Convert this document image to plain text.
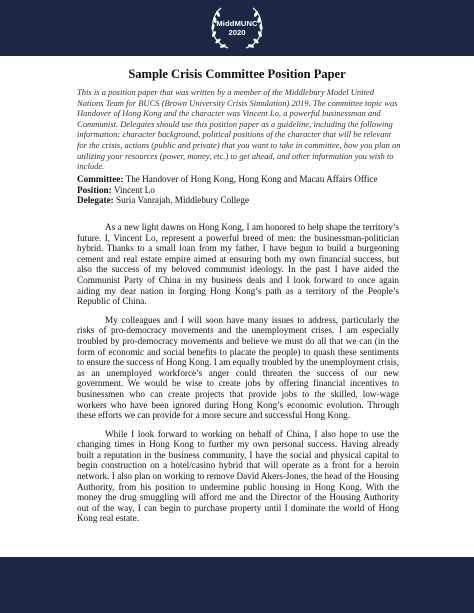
MiddMUNC
2020
Sample Crisis Committee Position Paper

This is a position paper that was written by a member of the Middlebury Model United Nations Team for BUCS (Brown University Crisis Simulation) 2019. The committee topic was Handover of Hong Kong and the character was Vincent Lo, a powerful businessman and Communist. Delegates should use this position paper as a guideline, including the following information: character background, political positions of the character that will be relevant for the crisis, actions (public and private) that you want to take in committee, how you plan on utilizing your resources (power, money, etc.) to get ahead, and other information you wish to include.

Committee: The Handover of Hong Kong, Hong Kong and Macau Affairs Office
Position: Vincent Lo
Delegate: Suria Vanrajah, Middlebury College

As a new light dawns on Hong Kong, I am honored to help shape the territory’s future. I, Vincent Lo, represent a powerful breed of men: the businessman-politician hybrid. Thanks to a small loan from my father, I have begun to build a burgeoning cement and real estate empire aimed at ensuring both my own financial success, but also the success of my beloved communist ideology. In the past I have aided the Communist Party of China in my business deals and I look forward to once again aiding my dear nation in forging Hong Kong’s path as a territory of the People’s Republic of China.

My colleagues and I will soon have many issues to address, particularly the risks of pro-democracy movements and the unemployment crises. I am especially troubled by pro-democracy movements and believe we must do all that we can (in the form of economic and social benefits to placate the people) to quash these sentiments to ensure the success of Hong Kong. I am equally troubled by the unemployment crisis, as an unemployed workforce’s anger could threaten the success of our new government. We would be wise to create jobs by offering financial incentives to businessmen who can create projects that provide jobs to the skilled, low-wage workers who have been ignored during Hong Kong’s economic evolution. Through these efforts we can provide for a more secure and successful Hong Kong.

While I look forward to working on behalf of China, I also hope to use the changing times in Hong Kong to further my own personal success. Having already built a reputation in the business community, I have the social and physical capital to begin construction on a hotel/casino hybrid that will operate as a front for a heroin network. I also plan on working to remove David Akers-Jones, the head of the Housing Authority, from his position to undermine public housing in Hong Kong. With the money the drug smuggling will afford me and the Director of the Housing Authority out of the way, I can begin to purchase property until I dominate the world of Hong Kong real estate.
